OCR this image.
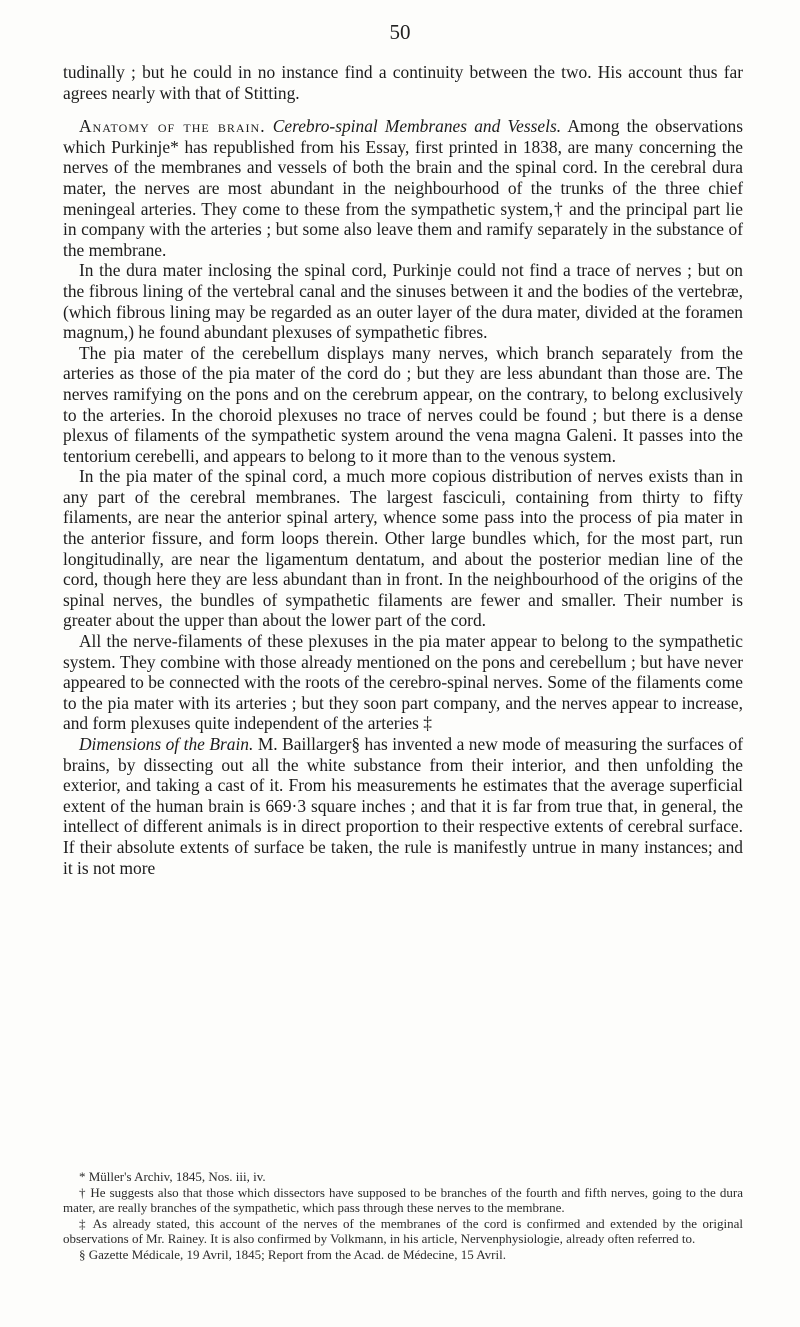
50

tudinally ; but he could in no instance find a continuity between the two. His account thus far agrees nearly with that of Stitting.

Anatomy of the brain. Cerebro-spinal Membranes and Vessels. Among the observations which Purkinje* has republished from his Essay, first printed in 1838, are many concerning the nerves of the membranes and vessels of both the brain and the spinal cord. In the cerebral dura mater, the nerves are most abundant in the neighbourhood of the trunks of the three chief meningeal arteries. They come to these from the sympathetic system,† and the principal part lie in company with the arteries ; but some also leave them and ramify separately in the substance of the membrane.

In the dura mater inclosing the spinal cord, Purkinje could not find a trace of nerves ; but on the fibrous lining of the vertebral canal and the sinuses between it and the bodies of the vertebræ, (which fibrous lining may be regarded as an outer layer of the dura mater, divided at the foramen magnum,) he found abundant plexuses of sympathetic fibres.

The pia mater of the cerebellum displays many nerves, which branch separately from the arteries as those of the pia mater of the cord do ; but they are less abundant than those are. The nerves ramifying on the pons and on the cerebrum appear, on the contrary, to belong exclusively to the arteries. In the choroid plexuses no trace of nerves could be found ; but there is a dense plexus of filaments of the sympathetic system around the vena magna Galeni. It passes into the tentorium cerebelli, and appears to belong to it more than to the venous system.

In the pia mater of the spinal cord, a much more copious distribution of nerves exists than in any part of the cerebral membranes. The largest fasciculi, containing from thirty to fifty filaments, are near the anterior spinal artery, whence some pass into the process of pia mater in the anterior fissure, and form loops therein. Other large bundles which, for the most part, run longitudinally, are near the ligamentum dentatum, and about the posterior median line of the cord, though here they are less abundant than in front. In the neighbourhood of the origins of the spinal nerves, the bundles of sympathetic filaments are fewer and smaller. Their number is greater about the upper than about the lower part of the cord.

All the nerve-filaments of these plexuses in the pia mater appear to belong to the sympathetic system. They combine with those already mentioned on the pons and cerebellum ; but have never appeared to be connected with the roots of the cerebro-spinal nerves. Some of the filaments come to the pia mater with its arteries ; but they soon part company, and the nerves appear to increase, and form plexuses quite independent of the arteries ‡

Dimensions of the Brain. M. Baillarger§ has invented a new mode of measuring the surfaces of brains, by dissecting out all the white substance from their interior, and then unfolding the exterior, and taking a cast of it. From his measurements he estimates that the average superficial extent of the human brain is 669·3 square inches ; and that it is far from true that, in general, the intellect of different animals is in direct proportion to their respective extents of cerebral surface. If their absolute extents of surface be taken, the rule is manifestly untrue in many instances; and it is not more

* Müller's Archiv, 1845, Nos. iii, iv.

† He suggests also that those which dissectors have supposed to be branches of the fourth and fifth nerves, going to the dura mater, are really branches of the sympathetic, which pass through these nerves to the membrane.

‡ As already stated, this account of the nerves of the membranes of the cord is confirmed and extended by the original observations of Mr. Rainey. It is also confirmed by Volkmann, in his article, Nervenphysiologie, already often referred to.

§ Gazette Médicale, 19 Avril, 1845; Report from the Acad. de Médecine, 15 Avril.
